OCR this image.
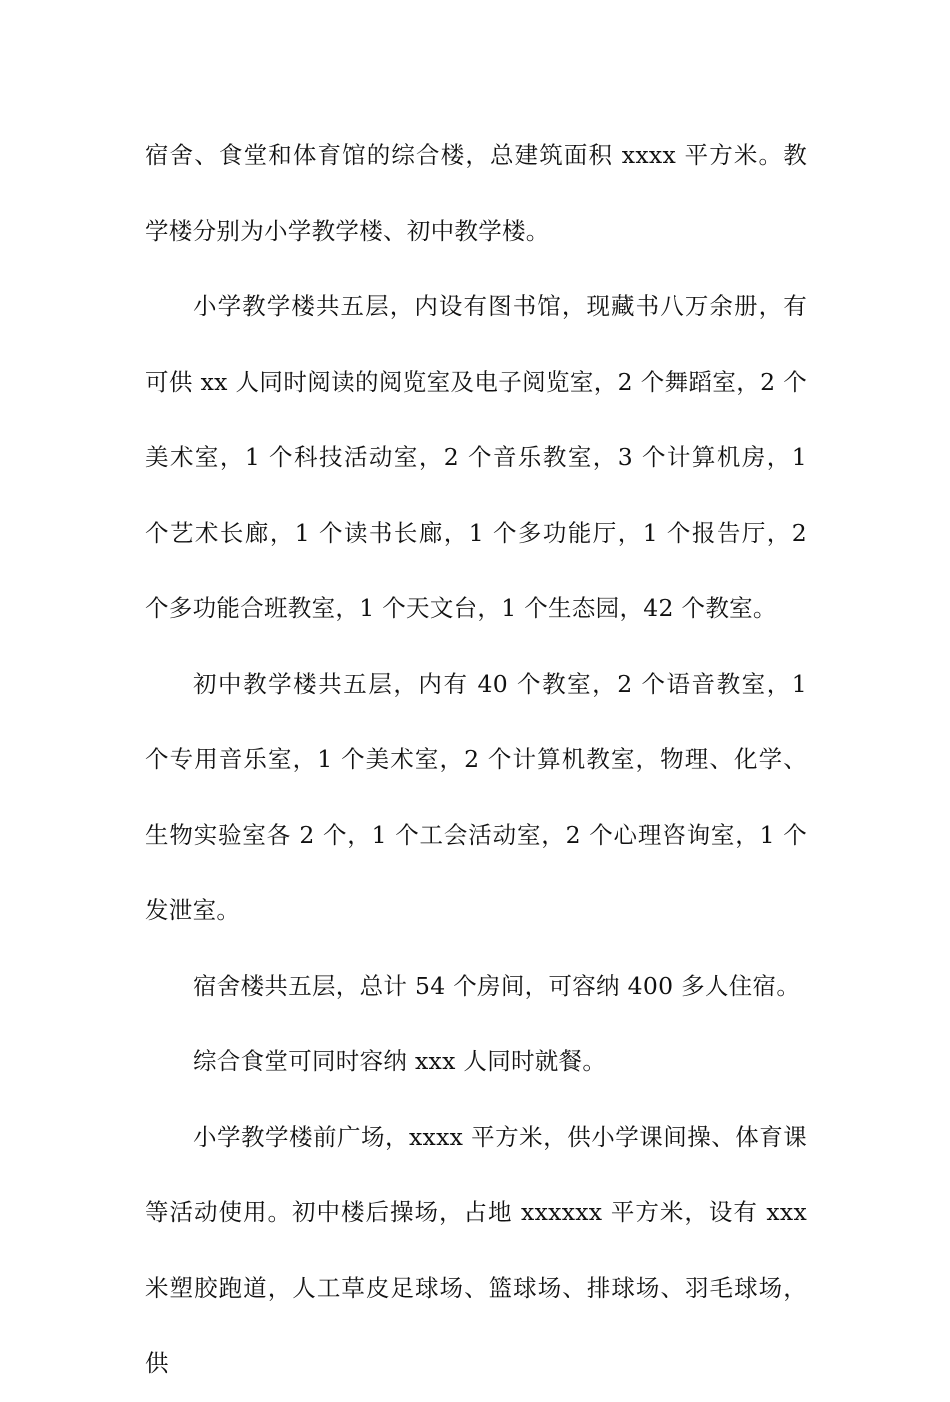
宿舍、食堂和体育馆的综合楼，总建筑面积 xxxx 平方米。教学楼分别为小学教学楼、初中教学楼。

小学教学楼共五层，内设有图书馆，现藏书八万余册，有可供 xx 人同时阅读的阅览室及电子阅览室，2 个舞蹈室，2 个美术室，1 个科技活动室，2 个音乐教室，3 个计算机房，1 个艺术长廊，1 个读书长廊，1 个多功能厅，1 个报告厅，2 个多功能合班教室，1 个天文台，1 个生态园，42 个教室。

初中教学楼共五层，内有 40 个教室，2 个语音教室，1 个专用音乐室，1 个美术室，2 个计算机教室，物理、化学、生物实验室各 2 个，1 个工会活动室，2 个心理咨询室，1 个发泄室。

宿舍楼共五层，总计 54 个房间，可容纳 400 多人住宿。

综合食堂可同时容纳 xxx 人同时就餐。

小学教学楼前广场，xxxx 平方米，供小学课间操、体育课等活动使用。初中楼后操场，占地 xxxxxx 平方米，设有 xxx 米塑胶跑道，人工草皮足球场、篮球场、排球场、羽毛球场，供
